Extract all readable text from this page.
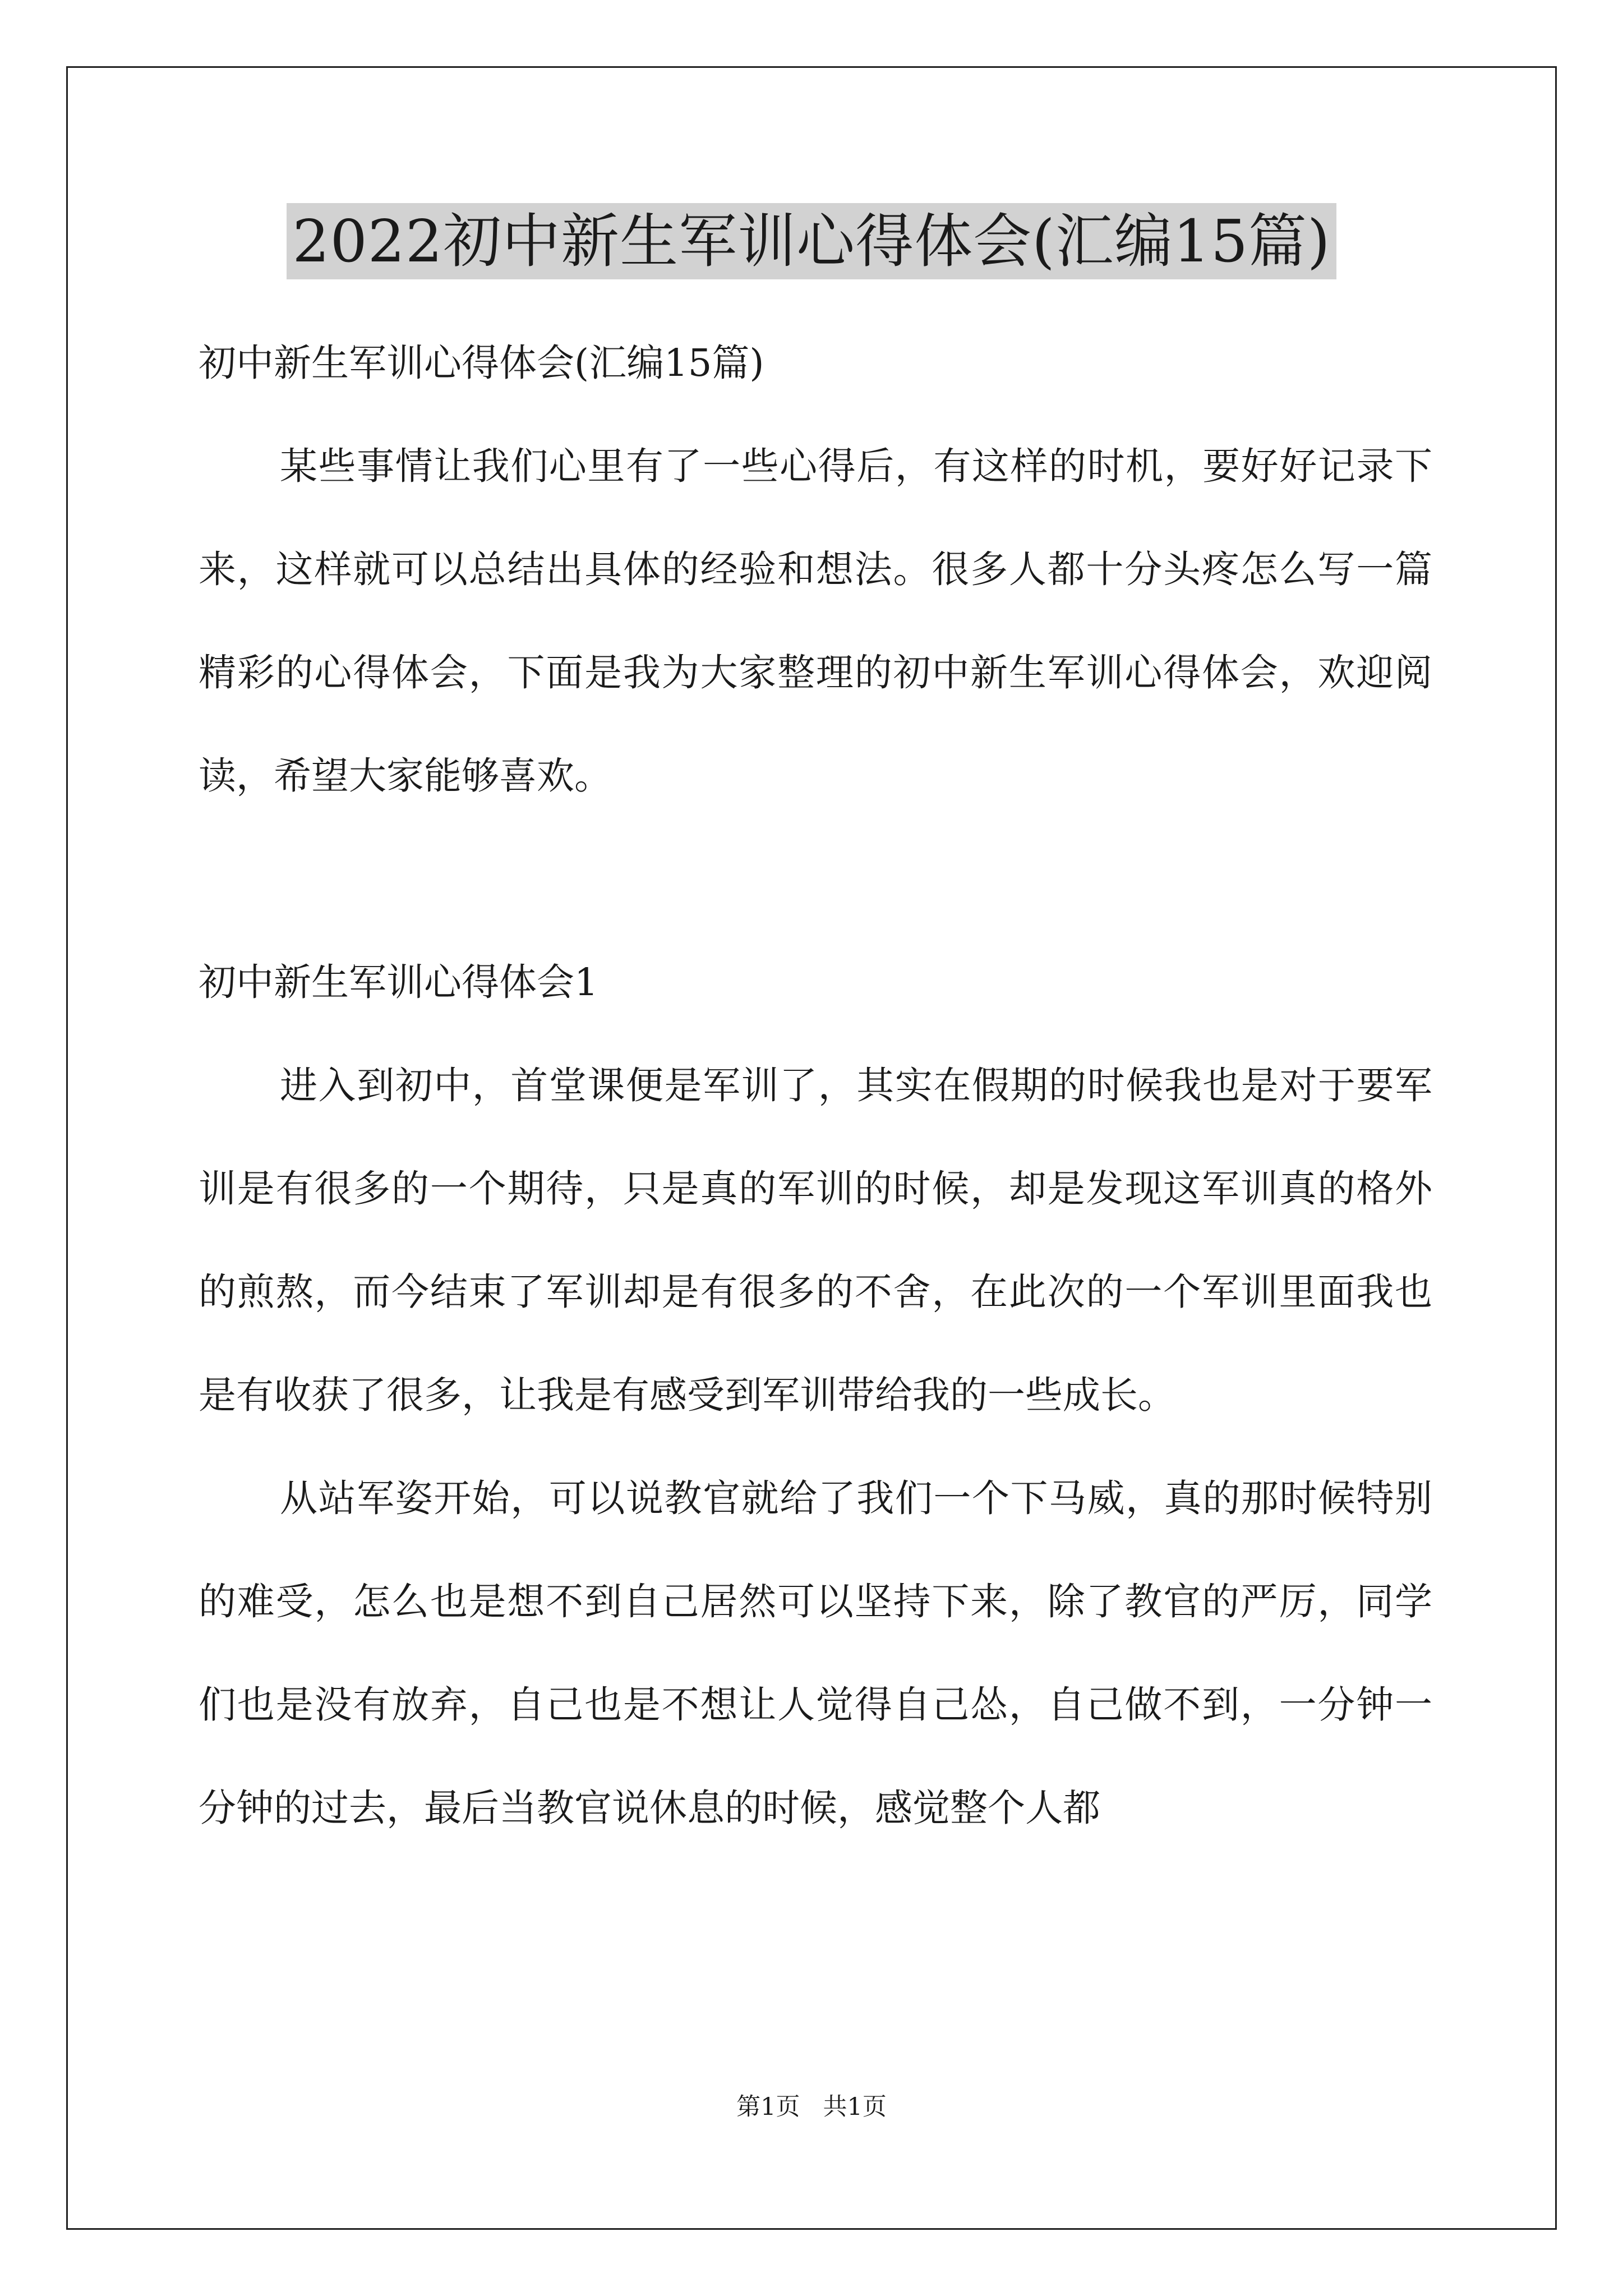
2022初中新生军训心得体会(汇编15篇)

初中新生军训心得体会(汇编15篇)

某些事情让我们心里有了一些心得后，有这样的时机，要好好记录下来，这样就可以总结出具体的经验和想法。很多人都十分头疼怎么写一篇精彩的心得体会，下面是我为大家整理的初中新生军训心得体会，欢迎阅读，希望大家能够喜欢。

初中新生军训心得体会1

进入到初中，首堂课便是军训了，其实在假期的时候我也是对于要军训是有很多的一个期待，只是真的军训的时候，却是发现这军训真的格外的煎熬，而今结束了军训却是有很多的不舍，在此次的一个军训里面我也是有收获了很多，让我是有感受到军训带给我的一些成长。

从站军姿开始，可以说教官就给了我们一个下马威，真的那时候特别的难受，怎么也是想不到自己居然可以坚持下来，除了教官的严厉，同学们也是没有放弃，自己也是不想让人觉得自己怂，自己做不到，一分钟一分钟的过去，最后当教官说休息的时候，感觉整个人都

第1页   共1页
